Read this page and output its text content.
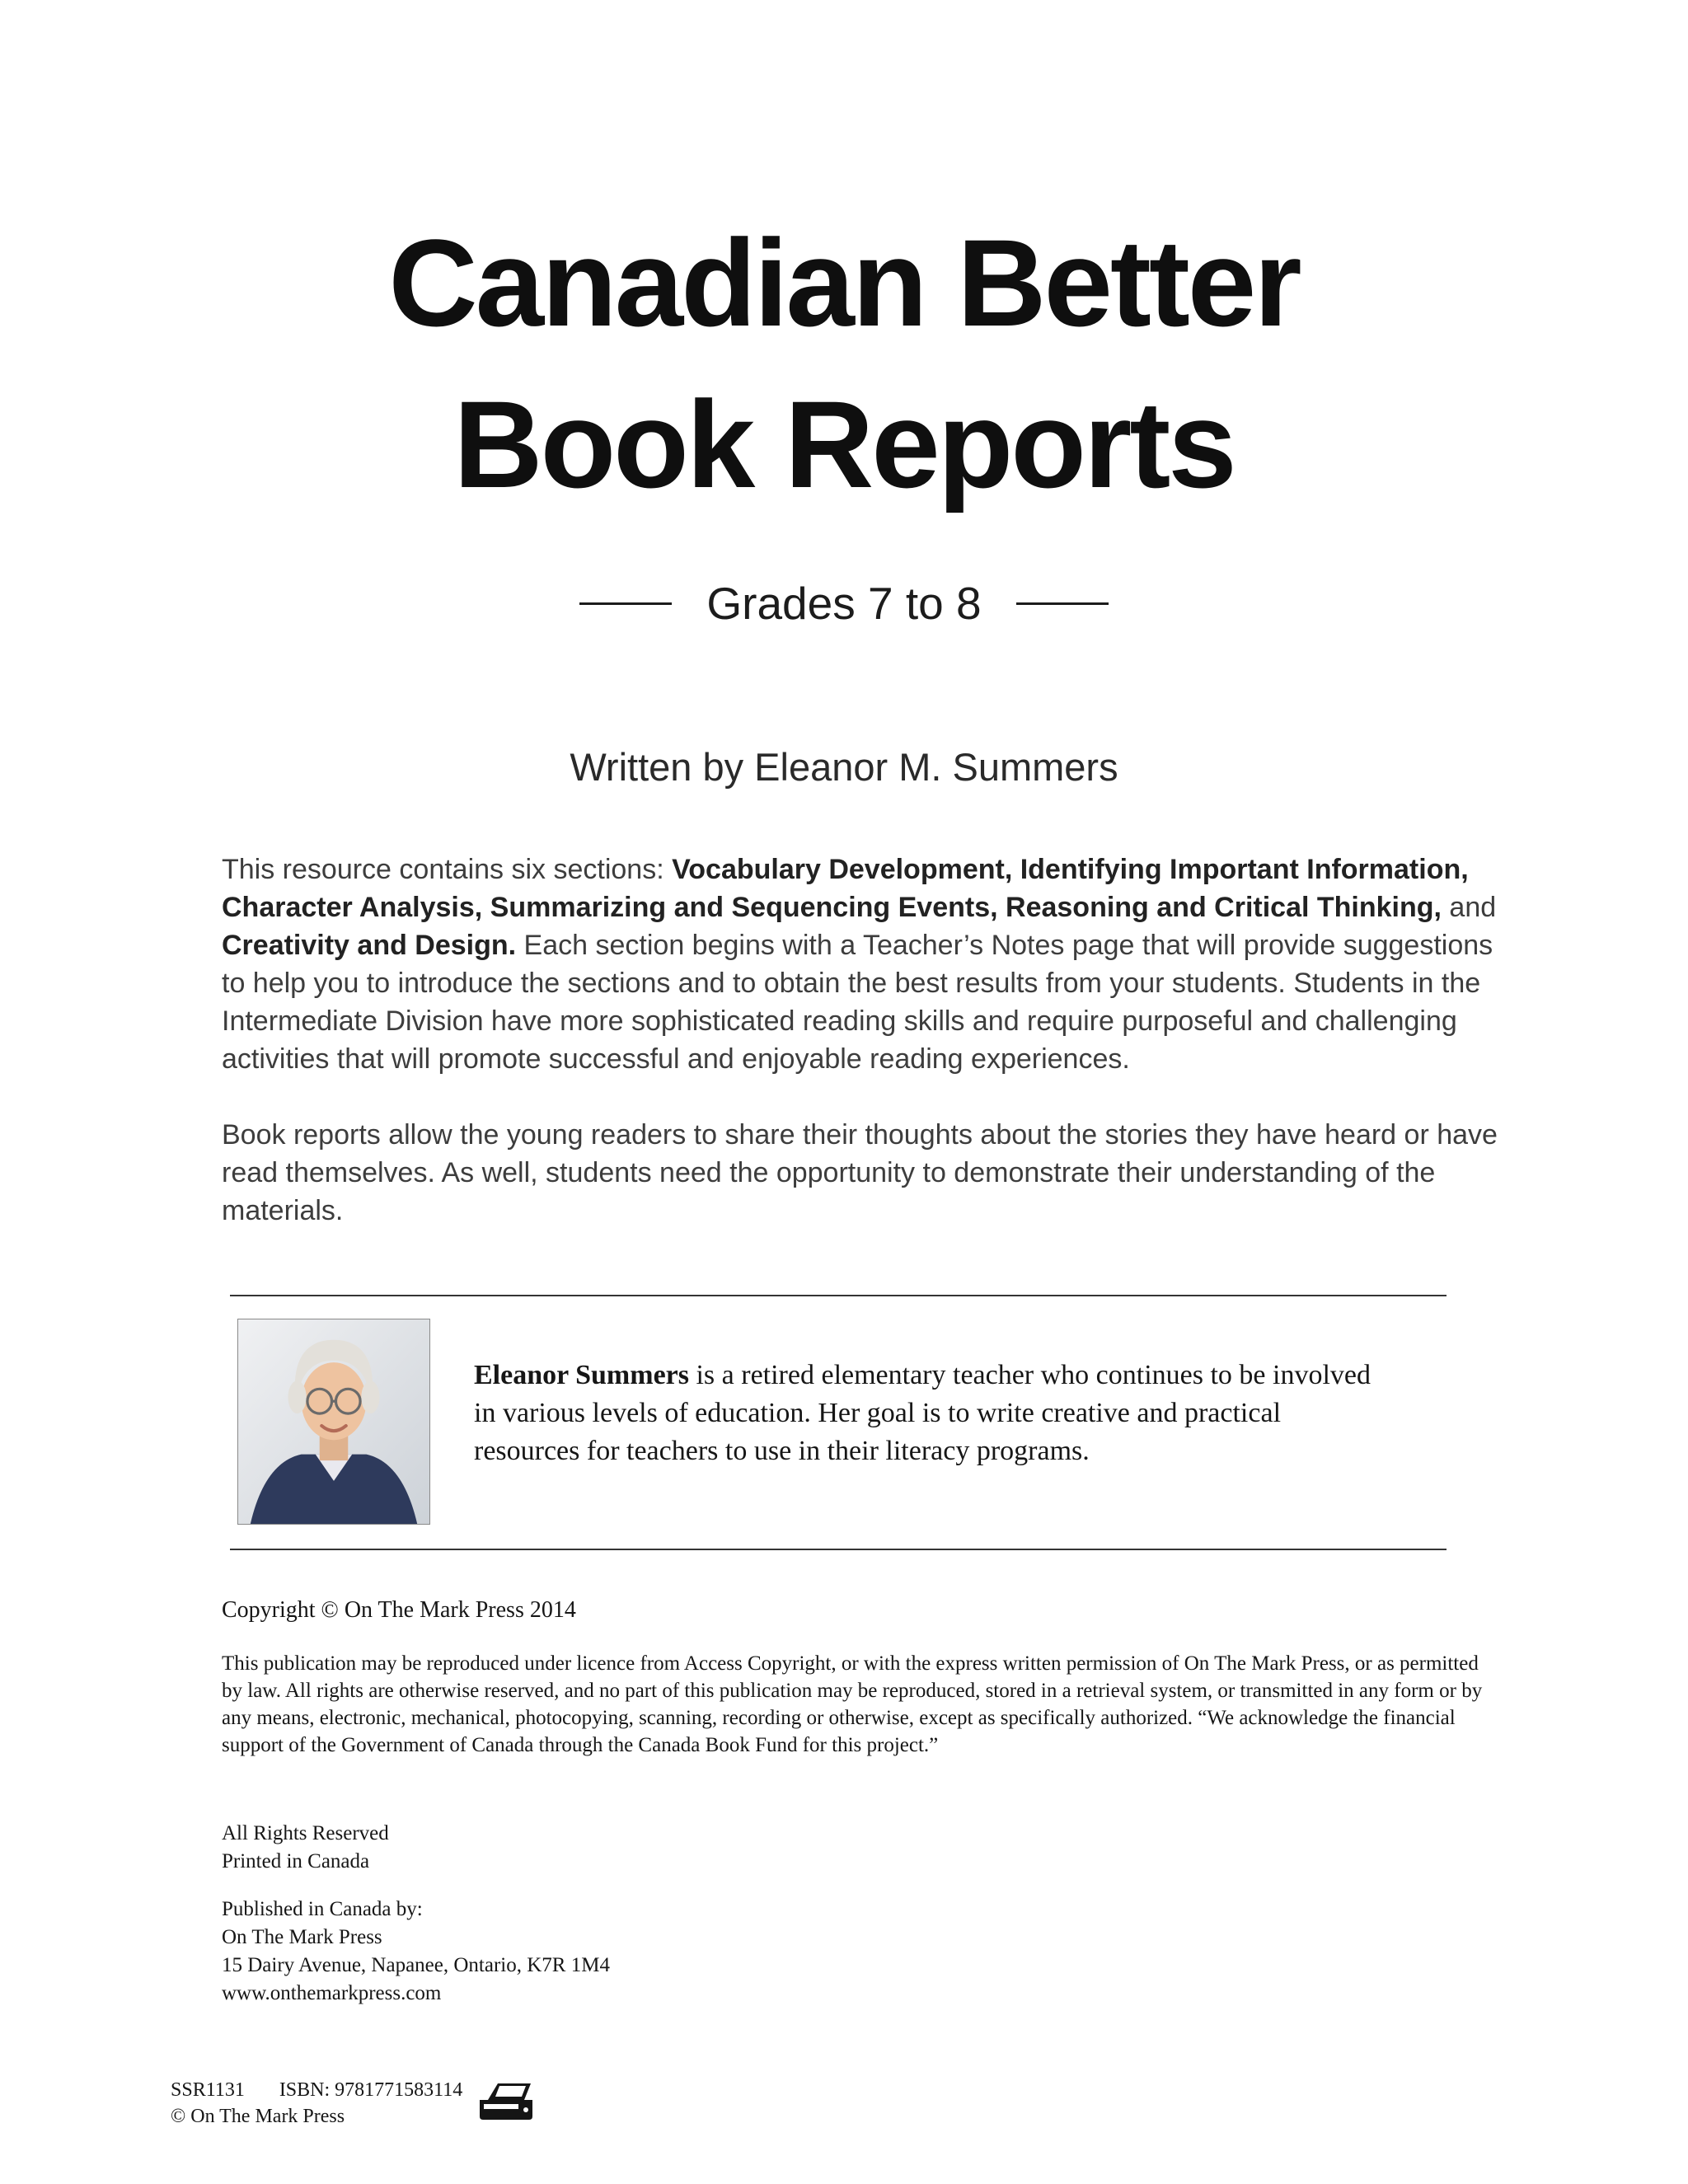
Canadian Better
Book Reports
Grades 7 to 8
Written by Eleanor M. Summers

This resource contains six sections: Vocabulary Development, Identifying Important Information, Character Analysis, Summarizing and Sequencing Events, Reasoning and Critical Thinking, and Creativity and Design. Each section begins with a Teacher’s Notes page that will provide suggestions to help you to introduce the sections and to obtain the best results from your students. Students in the Intermediate Division have more sophisticated reading skills and require purposeful and challenging activities that will promote successful and enjoyable reading experiences.

Book reports allow the young readers to share their thoughts about the stories they have heard or have read themselves. As well, students need the opportunity to demonstrate their understanding of the materials.

Eleanor Summers is a retired elementary teacher who continues to be involved in various levels of education. Her goal is to write creative and practical resources for teachers to use in their literacy programs.

Copyright © On The Mark Press 2014

This publication may be reproduced under licence from Access Copyright, or with the express written permission of On The Mark Press, or as permitted by law. All rights are otherwise reserved, and no part of this publication may be reproduced, stored in a retrieval system, or transmitted in any form or by any means, electronic, mechanical, photocopying, scanning, recording or otherwise, except as specifically authorized. “We acknowledge the financial support of the Government of Canada through the Canada Book Fund for this project.”

All Rights Reserved
Printed in Canada
Published in Canada by:
On The Mark Press
15 Dairy Avenue, Napanee, Ontario, K7R 1M4
www.onthemarkpress.com
SSR1131 ISBN: 9781771583114
© On The Mark Press
